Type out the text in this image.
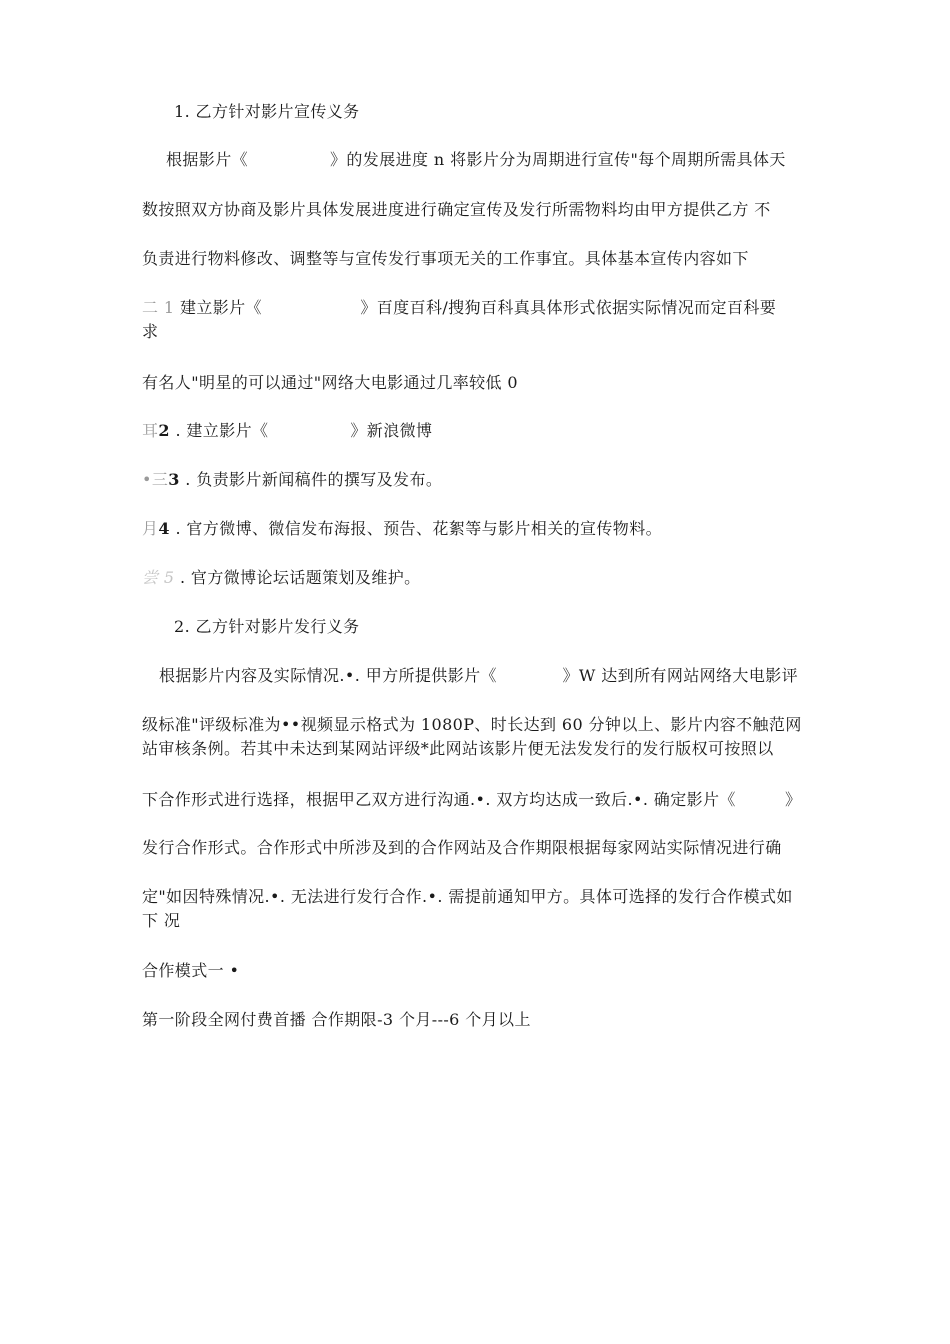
1. 乙方针对影片宣传义务
根据影片《　　　　　》的发展进度 n 将影片分为周期进行宣传"每个周期所需具体天
数按照双方协商及影片具体发展进度进行确定宣传及发行所需物料均由甲方提供乙方 不
负责进行物料修改、调整等与宣传发行事项无关的工作事宜。具体基本宣传内容如下
二 1 建立影片《　　　　　　》百度百科/搜狗百科真具体形式依据实际情况而定百科要
求
有名人"明星的可以通过"网络大电影通过几率较低 0
耳2 . 建立影片《　　　　　》新浪微博
•三3 . 负责影片新闻稿件的撰写及发布。
月4 . 官方微博、微信发布海报、预告、花絮等与影片相关的宣传物料。
尝 5 . 官方微博论坛话题策划及维护。
2. 乙方针对影片发行义务
根据影片内容及实际情况.•. 甲方所提供影片《　　　　》W 达到所有网站网络大电影评
级标准"评级标准为••视频显示格式为 1080P、时长达到 60 分钟以上、影片内容不触范网
站审核条例。若其中未达到某网站评级*此网站该影片便无法发发行的发行版权可按照以
下合作形式进行选择，根据甲乙双方进行沟通.•. 双方均达成一致后.•. 确定影片《　　　》
发行合作形式。合作形式中所涉及到的合作网站及合作期限根据每家网站实际情况进行确
定"如因特殊情况.•. 无法进行发行合作.•. 需提前通知甲方。具体可选择的发行合作模式如
下 况
合作模式一 •
第一阶段全网付费首播 合作期限-3 个月---6 个月以上
